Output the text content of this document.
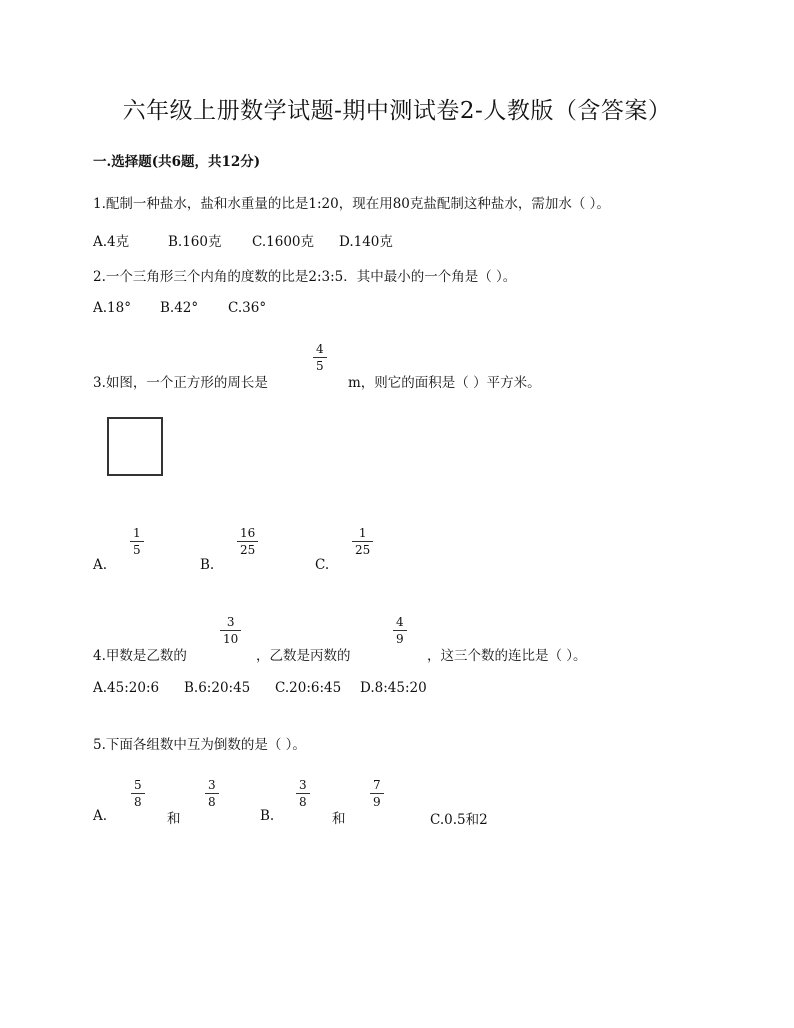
六年级上册数学试题-期中测试卷2-人教版（含答案）
一.选择题(共6题，共12分)
1.配制一种盐水，盐和水重量的比是1:20，现在用80克盐配制这种盐水，需加水（ ）。
A.4克	B.160克 C.1600克 D.140克
2.一个三角形三个内角的度数的比是2:3:5．其中最小的一个角是（ ）。
A.18° B.42° C.36°
3.如图，一个正方形的周长是
4
5
m，则它的面积是（ ）平方米。
A.
1
5
B.
16
25
C.
1
25
4.甲数是乙数的
3
10
，乙数是丙数的
4
9
，这三个数的连比是（ ）。
A.45:20:6 B.6:20:45 C.20:6:45 D.8:45:20
5.下面各组数中互为倒数的是（ ）。
A.
5
8
和
3
8
B.
3
8
和
7
9
C.0.5和2
